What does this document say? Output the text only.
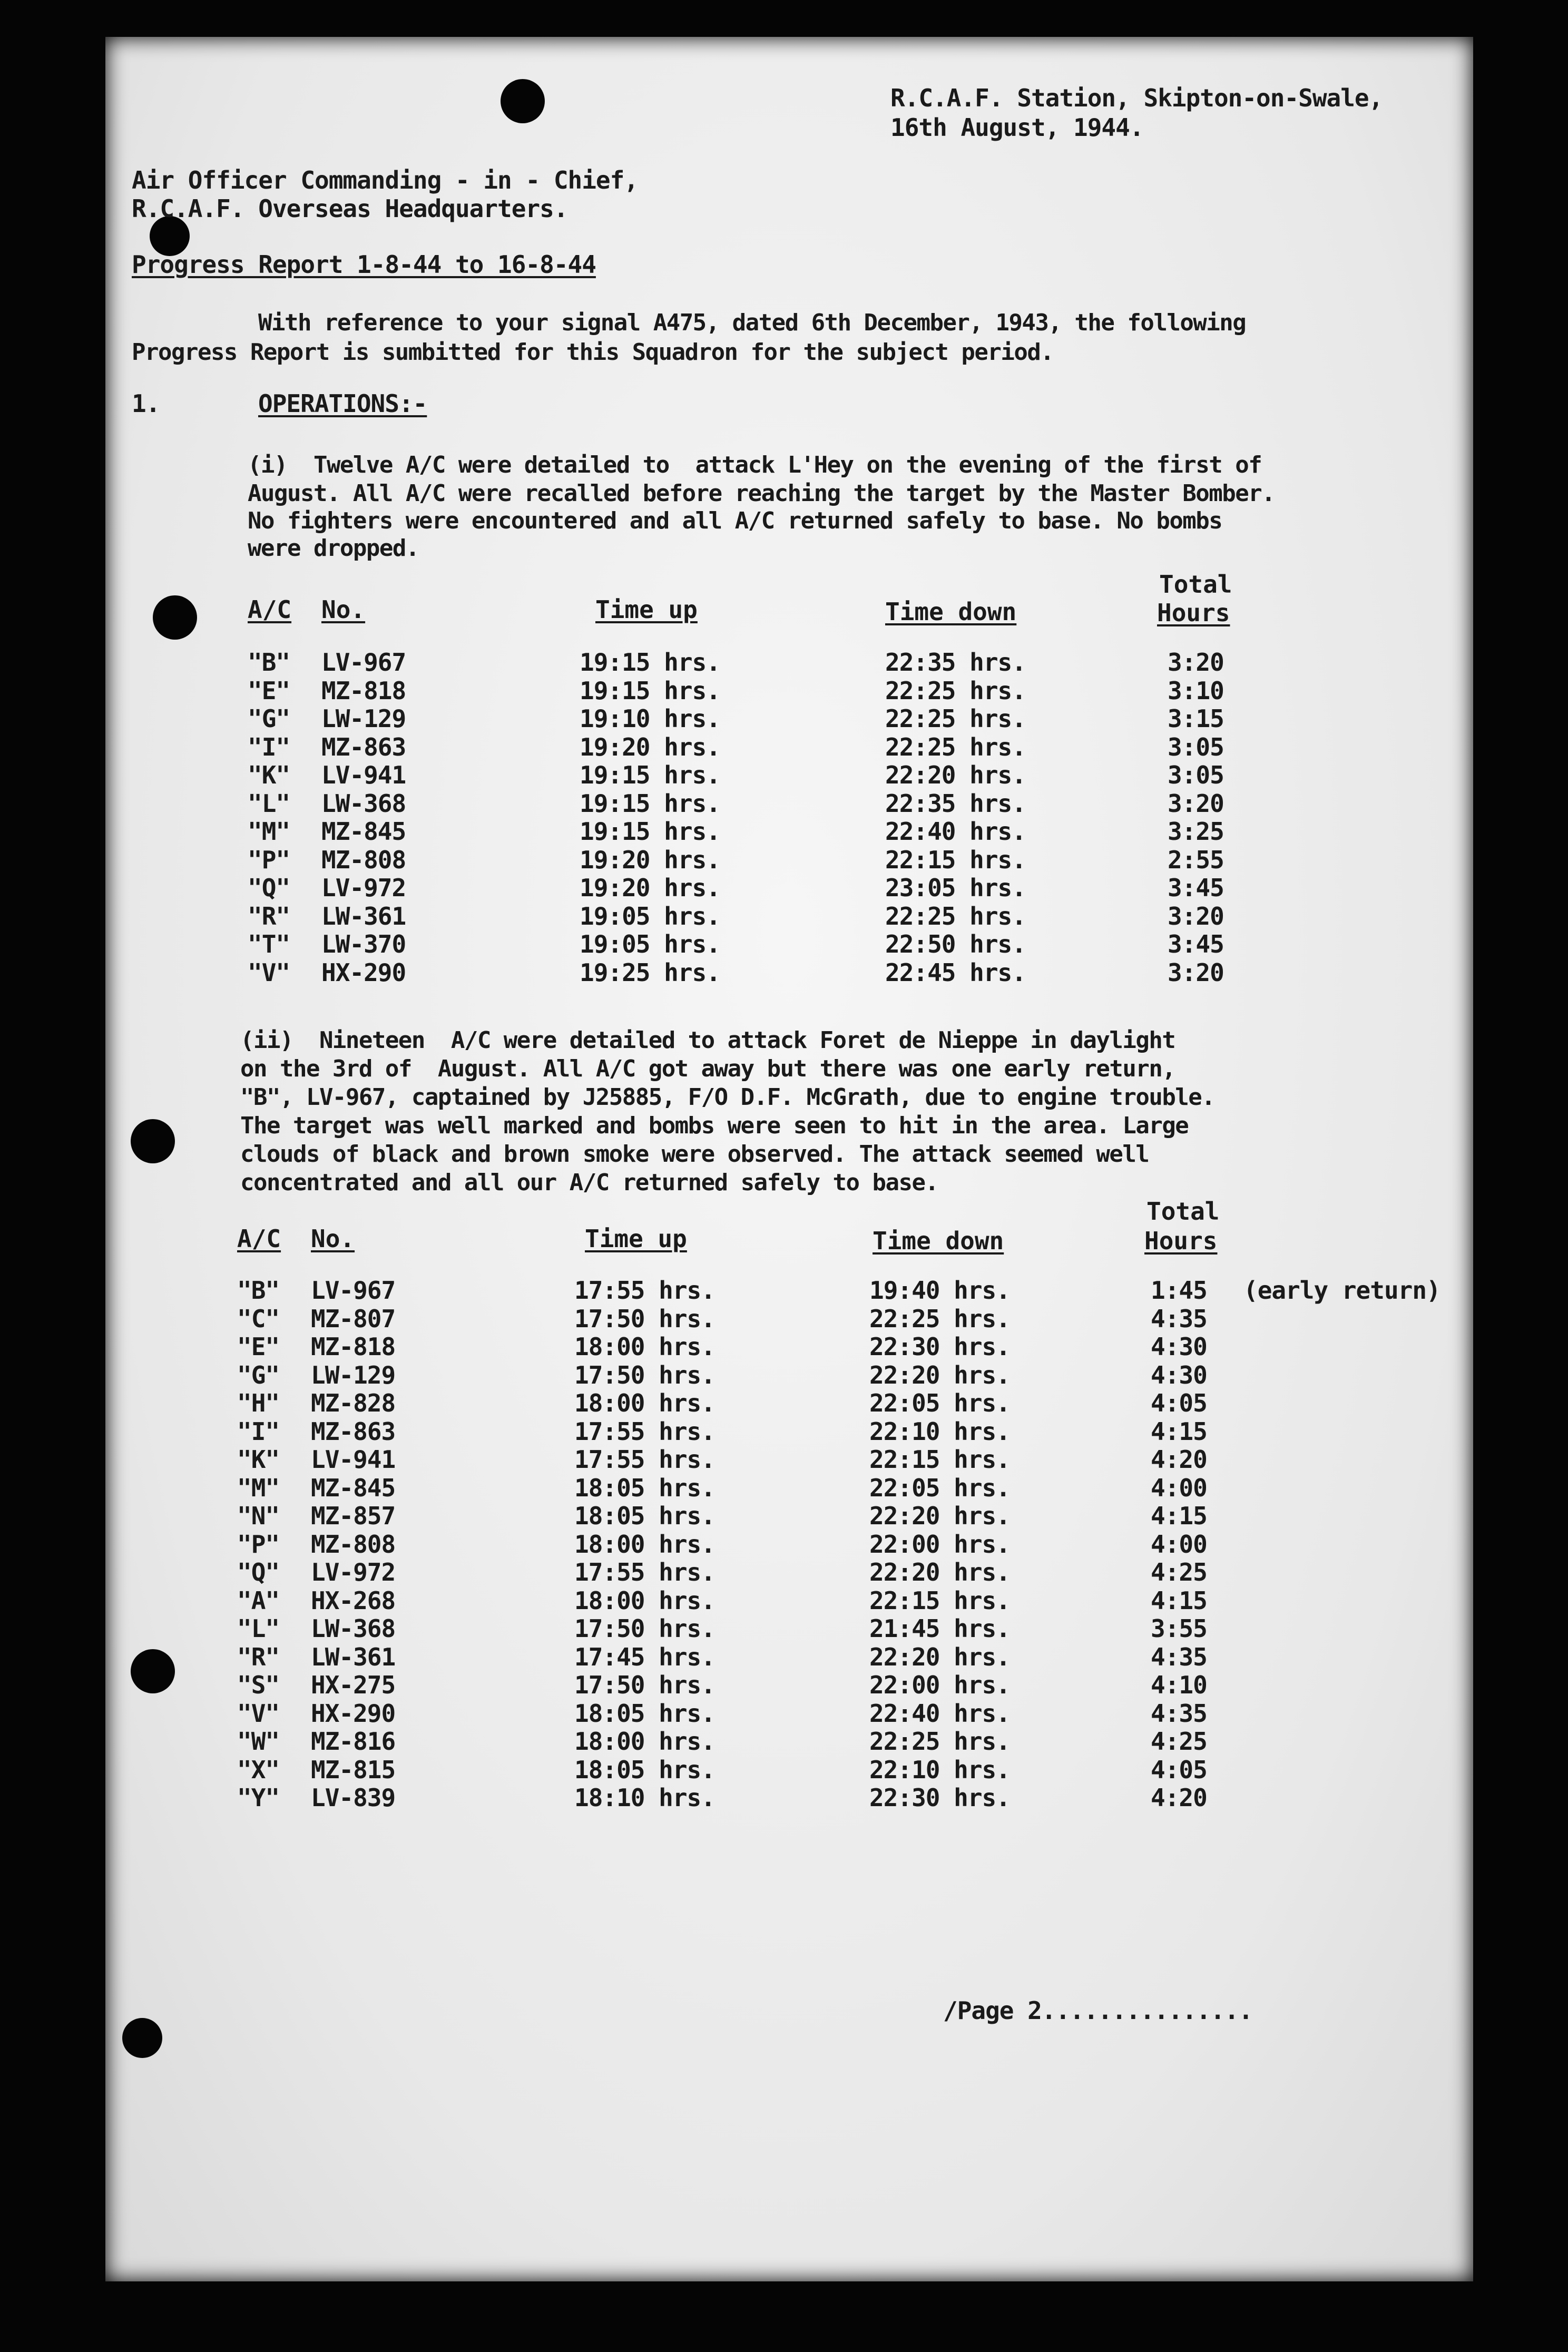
R.C.A.F. Station, Skipton-on-Swale,
16th August, 1944.
Air Officer Commanding - in - Chief,
R.C.A.F. Overseas Headquarters.
Progress Report 1-8-44 to 16-8-44
With reference to your signal A475, dated 6th December, 1943, the following
Progress Report is sumbitted for this Squadron for the subject period.
1.	OPERATIONS:-
(i)  Twelve A/C were detailed to  attack L'Hey on the evening of the first of
August. All A/C were recalled before reaching the target by the Master Bomber.
No fighters were encountered and all A/C returned safely to base. No bombs
were dropped.
A/C No.	Time up	Time down
Total
Hours
"B" LV-967	19:15 hrs.	22:35 hrs.	3:20
"E" MZ-818	19:15 hrs.	22:25 hrs.	3:10
"G" LW-129	19:10 hrs.	22:25 hrs.	3:15
"I" MZ-863	19:20 hrs.	22:25 hrs.	3:05
"K" LV-941	19:15 hrs.	22:20 hrs.	3:05
"L" LW-368	19:15 hrs.	22:35 hrs.	3:20
"M" MZ-845	19:15 hrs.	22:40 hrs.	3:25
"P" MZ-808	19:20 hrs.	22:15 hrs.	2:55
"Q" LV-972	19:20 hrs.	23:05 hrs.	3:45
"R" LW-361	19:05 hrs.	22:25 hrs.	3:20
"T" LW-370	19:05 hrs.	22:50 hrs.	3:45
"V" HX-290	19:25 hrs.	22:45 hrs.	3:20
(ii)  Nineteen  A/C were detailed to attack Foret de Nieppe in daylight
on the 3rd of  August. All A/C got away but there was one early return,
"B", LV-967, captained by J25885, F/O D.F. McGrath, due to engine trouble.
The target was well marked and bombs were seen to hit in the area. Large
clouds of black and brown smoke were observed. The attack seemed well
concentrated and all our A/C returned safely to base.
A/C No.	Time up	Time down
Total
Hours
"B" LV-967	17:55 hrs.	19:40 hrs.	1:45 (early return)
"C" MZ-807	17:50 hrs.	22:25 hrs.	4:35
"E" MZ-818	18:00 hrs.	22:30 hrs.	4:30
"G" LW-129	17:50 hrs.	22:20 hrs.	4:30
"H" MZ-828	18:00 hrs.	22:05 hrs.	4:05
"I" MZ-863	17:55 hrs.	22:10 hrs.	4:15
"K" LV-941	17:55 hrs.	22:15 hrs.	4:20
"M" MZ-845	18:05 hrs.	22:05 hrs.	4:00
"N" MZ-857	18:05 hrs.	22:20 hrs.	4:15
"P" MZ-808	18:00 hrs.	22:00 hrs.	4:00
"Q" LV-972	17:55 hrs.	22:20 hrs.	4:25
"A" HX-268	18:00 hrs.	22:15 hrs.	4:15
"L" LW-368	17:50 hrs.	21:45 hrs.	3:55
"R" LW-361	17:45 hrs.	22:20 hrs.	4:35
"S" HX-275	17:50 hrs.	22:00 hrs.	4:10
"V" HX-290	18:05 hrs.	22:40 hrs.	4:35
"W" MZ-816	18:00 hrs.	22:25 hrs.	4:25
"X" MZ-815	18:05 hrs.	22:10 hrs.	4:05
"Y" LV-839	18:10 hrs.	22:30 hrs.	4:20
/Page 2...............
